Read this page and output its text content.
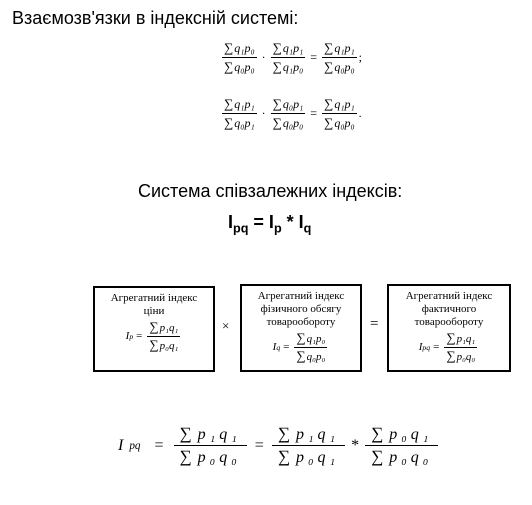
Взаємозв'язки в індексній системі:
$\frac{\text{∑q₁p₀}}{\text{∑q₀p₀}} \cdot \frac{\text{∑q₁p₁}}{\text{∑q₁p₀}} = \frac{\text{∑q₁p₁}}{\text{∑q₀p₀}}$ ;
$\frac{\text{∑q₁p₁}}{\text{∑q₀p₁}} \cdot \frac{\text{∑q₀p₁}}{\text{∑q₀p₀}} = \frac{\text{∑q₁p₁}}{\text{∑q₀p₀}}$ .
Система співзалежних індексів:
$I_{pq} = I_p * I_q$
Агрегатний індекс
ціни
I $p = \frac{\text{∑p₁q₁}}{\text{∑p₀q₁}}$	×
Агрегатний індекс
фізичного обсягу
товарообороту
I $q = \frac{\text{∑q₁p₀}}{\text{∑q₀p₀}}$
=
Агрегатний індекс
фактичного
товарообороту
I pq = $\frac{\text{∑p₁q₁}}{\text{∑p₀q₀}}$
I pq = $\frac{\text{∑ p₁q₁}}{\text{∑ p₀q₀}} = \frac{\text{∑ p₁q₁}}{\text{∑ p₀q₁}} * \frac{\text{∑ p₀q₁}}{\text{∑ p₀q₀}}$
